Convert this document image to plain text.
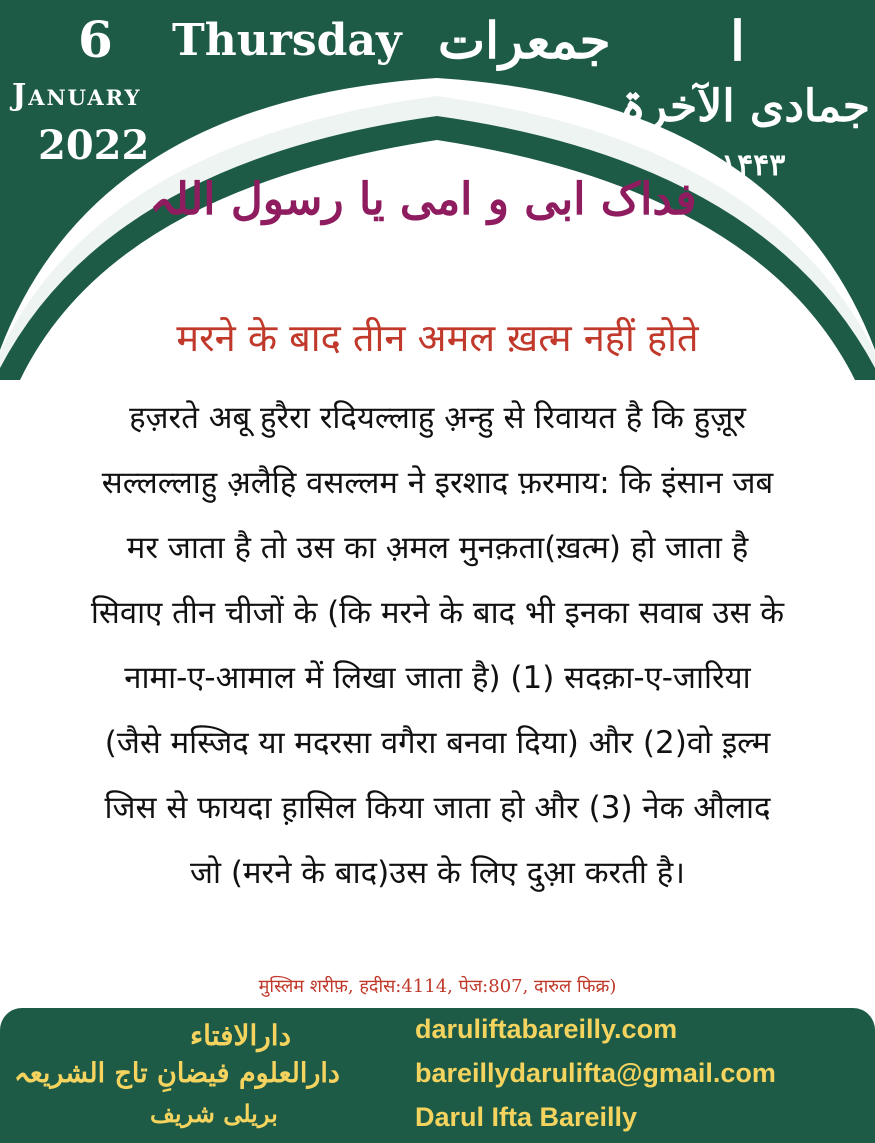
6 Thursday
January
2022
جمعرات ا
جمادی الآخرۃ
۱۴۴۳ھ
فداک ابی و امی یا رسول اللہ
मरने के बाद तीन अमल ख़त्म नहीं होते
हज़रते अबू हुरैरा रदियल्लाहु अ़न्हु से रिवायत है कि हुज़ूर
सल्लल्लाहु अ़लैहि वसल्लम ने इरशाद फ़रमाय: कि इंसान जब
मर जाता है तो उस का अ़मल मुनक़ता(ख़त्म) हो जाता है
सिवाए तीन चीजों के (कि मरने के बाद भी इनका सवाब उस के
नामा-ए-आमाल में लिखा जाता है) (1) सदक़ा-ए-जारिया
(जैसे मस्जिद या मदरसा वगैरा बनवा दिया) और (2)वो इ़ल्म
जिस से फायदा ह़ासिल किया जाता हो और (3) नेक औलाद
जो (मरने के बाद)उस के लिए दुआ़ करती है।
मुस्लिम शरीफ़, हदीस:4114, पेज:807, दारुल फिक्र)
دارالافتاء
دارالعلوم فیضانِ تاج الشریعہ
بریلی شریف
daruliftabareilly.com
bareillydarulifta@gmail.com
Darul Ifta Bareilly
